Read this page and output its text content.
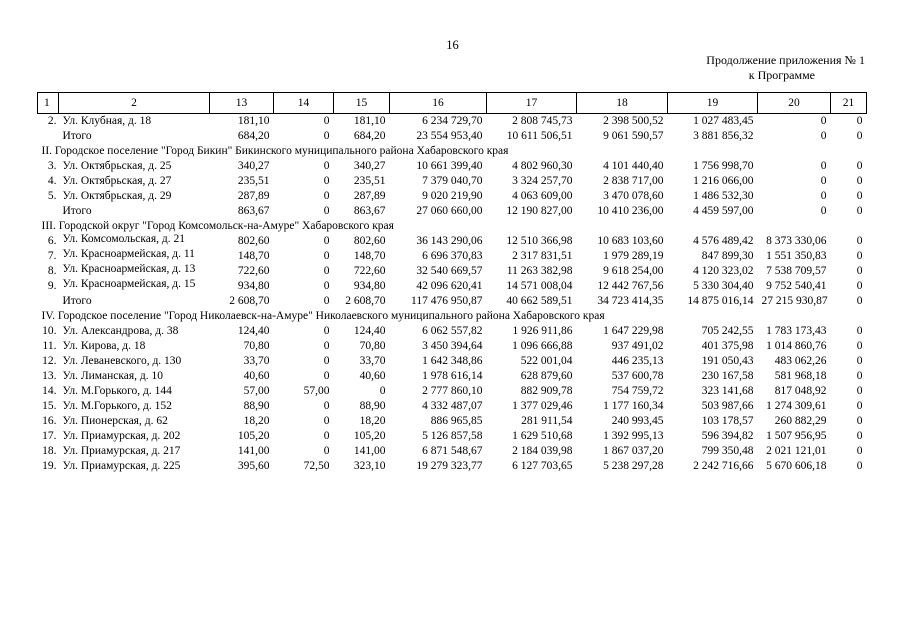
16
Продолжение приложения № 1
к Программе
1	2	13	14	15	16	17	18	19	20	21
2.	Ул. Клубная, д. 18	181,10	0	181,10	6 234 729,70	2 808 745,73	2 398 500,52	1 027 483,45	0	0
	Итого	684,20	0	684,20	23 554 953,40	10 611 506,51	9 061 590,57	3 881 856,32	0	0
II. Городское поселение "Город Бикин" Бикинского муниципального района Хабаровского края										
3.	Ул. Октябрьская, д. 25	340,27	0	340,27	10 661 399,40	4 802 960,30	4 101 440,40	1 756 998,70	0	0
4.	Ул. Октябрьская, д. 27	235,51	0	235,51	7 379 040,70	3 324 257,70	2 838 717,00	1 216 066,00	0	0
5.	Ул. Октябрьская, д. 29	287,89	0	287,89	9 020 219,90	4 063 609,00	3 470 078,60	1 486 532,30	0	0
	Итого	863,67	0	863,67	27 060 660,00	12 190 827,00	10 410 236,00	4 459 597,00	0	0
III. Городской округ "Город Комсомольск-на-Амуре" Хабаровского края										
6.	Ул. Комсомольская, д. 21	802,60	0	802,60	36 143 290,06	12 510 366,98	10 683 103,60	4 576 489,42	8 373 330,06	0
7.	Ул. Красноармейская, д. 11	148,70	0	148,70	6 696 370,83	2 317 831,51	1 979 289,19	847 899,30	1 551 350,83	0
8.	Ул. Красноармейская, д. 13	722,60	0	722,60	32 540 669,57	11 263 382,98	9 618 254,00	4 120 323,02	7 538 709,57	0
9.	Ул. Красноармейская, д. 15	934,80	0	934,80	42 096 620,41	14 571 008,04	12 442 767,56	5 330 304,40	9 752 540,41	0
	Итого	2 608,70	0	2 608,70	117 476 950,87	40 662 589,51	34 723 414,35	14 875 016,14	27 215 930,87	0
IV. Городское поселение "Город Николаевск-на-Амуре" Николаевского муниципального района Хабаровского края										
10.	Ул. Александрова, д. 38	124,40	0	124,40	6 062 557,82	1 926 911,86	1 647 229,98	705 242,55	1 783 173,43	0
11.	Ул. Кирова, д. 18	70,80	0	70,80	3 450 394,64	1 096 666,88	937 491,02	401 375,98	1 014 860,76	0
12.	Ул. Леваневского, д. 130	33,70	0	33,70	1 642 348,86	522 001,04	446 235,13	191 050,43	483 062,26	0
13.	Ул. Лиманская, д. 10	40,60	0	40,60	1 978 616,14	628 879,60	537 600,78	230 167,58	581 968,18	0
14.	Ул. М.Горького, д. 144	57,00	57,00	0	2 777 860,10	882 909,78	754 759,72	323 141,68	817 048,92	0
15.	Ул. М.Горького, д. 152	88,90	0	88,90	4 332 487,07	1 377 029,46	1 177 160,34	503 987,66	1 274 309,61	0
16.	Ул. Пионерская, д. 62	18,20	0	18,20	886 965,85	281 911,54	240 993,45	103 178,57	260 882,29	0
17.	Ул. Приамурская, д. 202	105,20	0	105,20	5 126 857,58	1 629 510,68	1 392 995,13	596 394,82	1 507 956,95	0
18.	Ул. Приамурская, д. 217	141,00	0	141,00	6 871 548,67	2 184 039,98	1 867 037,20	799 350,48	2 021 121,01	0
19.	Ул. Приамурская, д. 225	395,60	72,50	323,10	19 279 323,77	6 127 703,65	5 238 297,28	2 242 716,66	5 670 606,18	0
